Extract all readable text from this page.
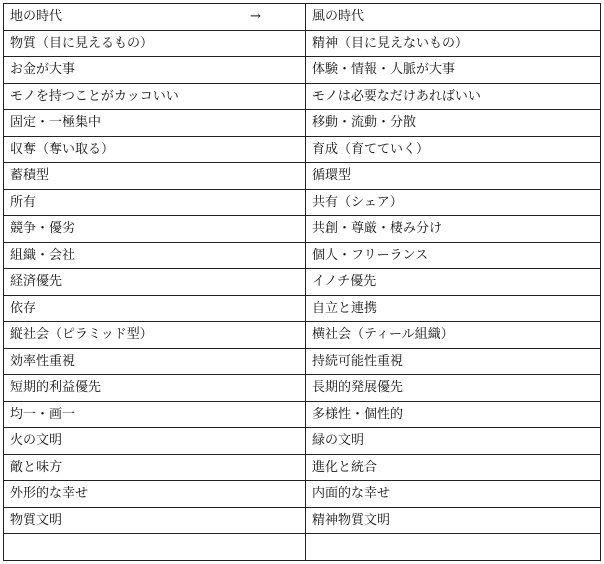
地の時代	→	風の時代
物質（目に見えるもの）	精神（目に見えないもの）
お金が大事	体験・情報・人脈が大事
モノを持つことがカッコいい	モノは必要なだけあればいい
固定・一極集中	移動・流動・分散
収奪（奪い取る）	育成（育てていく）
蓄積型	循環型
所有	共有（シェア）
競争・優劣	共創・尊厳・棲み分け
組織・会社	個人・フリーランス
経済優先	イノチ優先
依存	自立と連携
縦社会（ピラミッド型）	横社会（ティール組織）
効率性重視	持続可能性重視
短期的利益優先	長期的発展優先
均一・画一	多様性・個性的
火の文明	緑の文明
敵と味方	進化と統合
外形的な幸せ	内面的な幸せ
物質文明	精神物質文明
